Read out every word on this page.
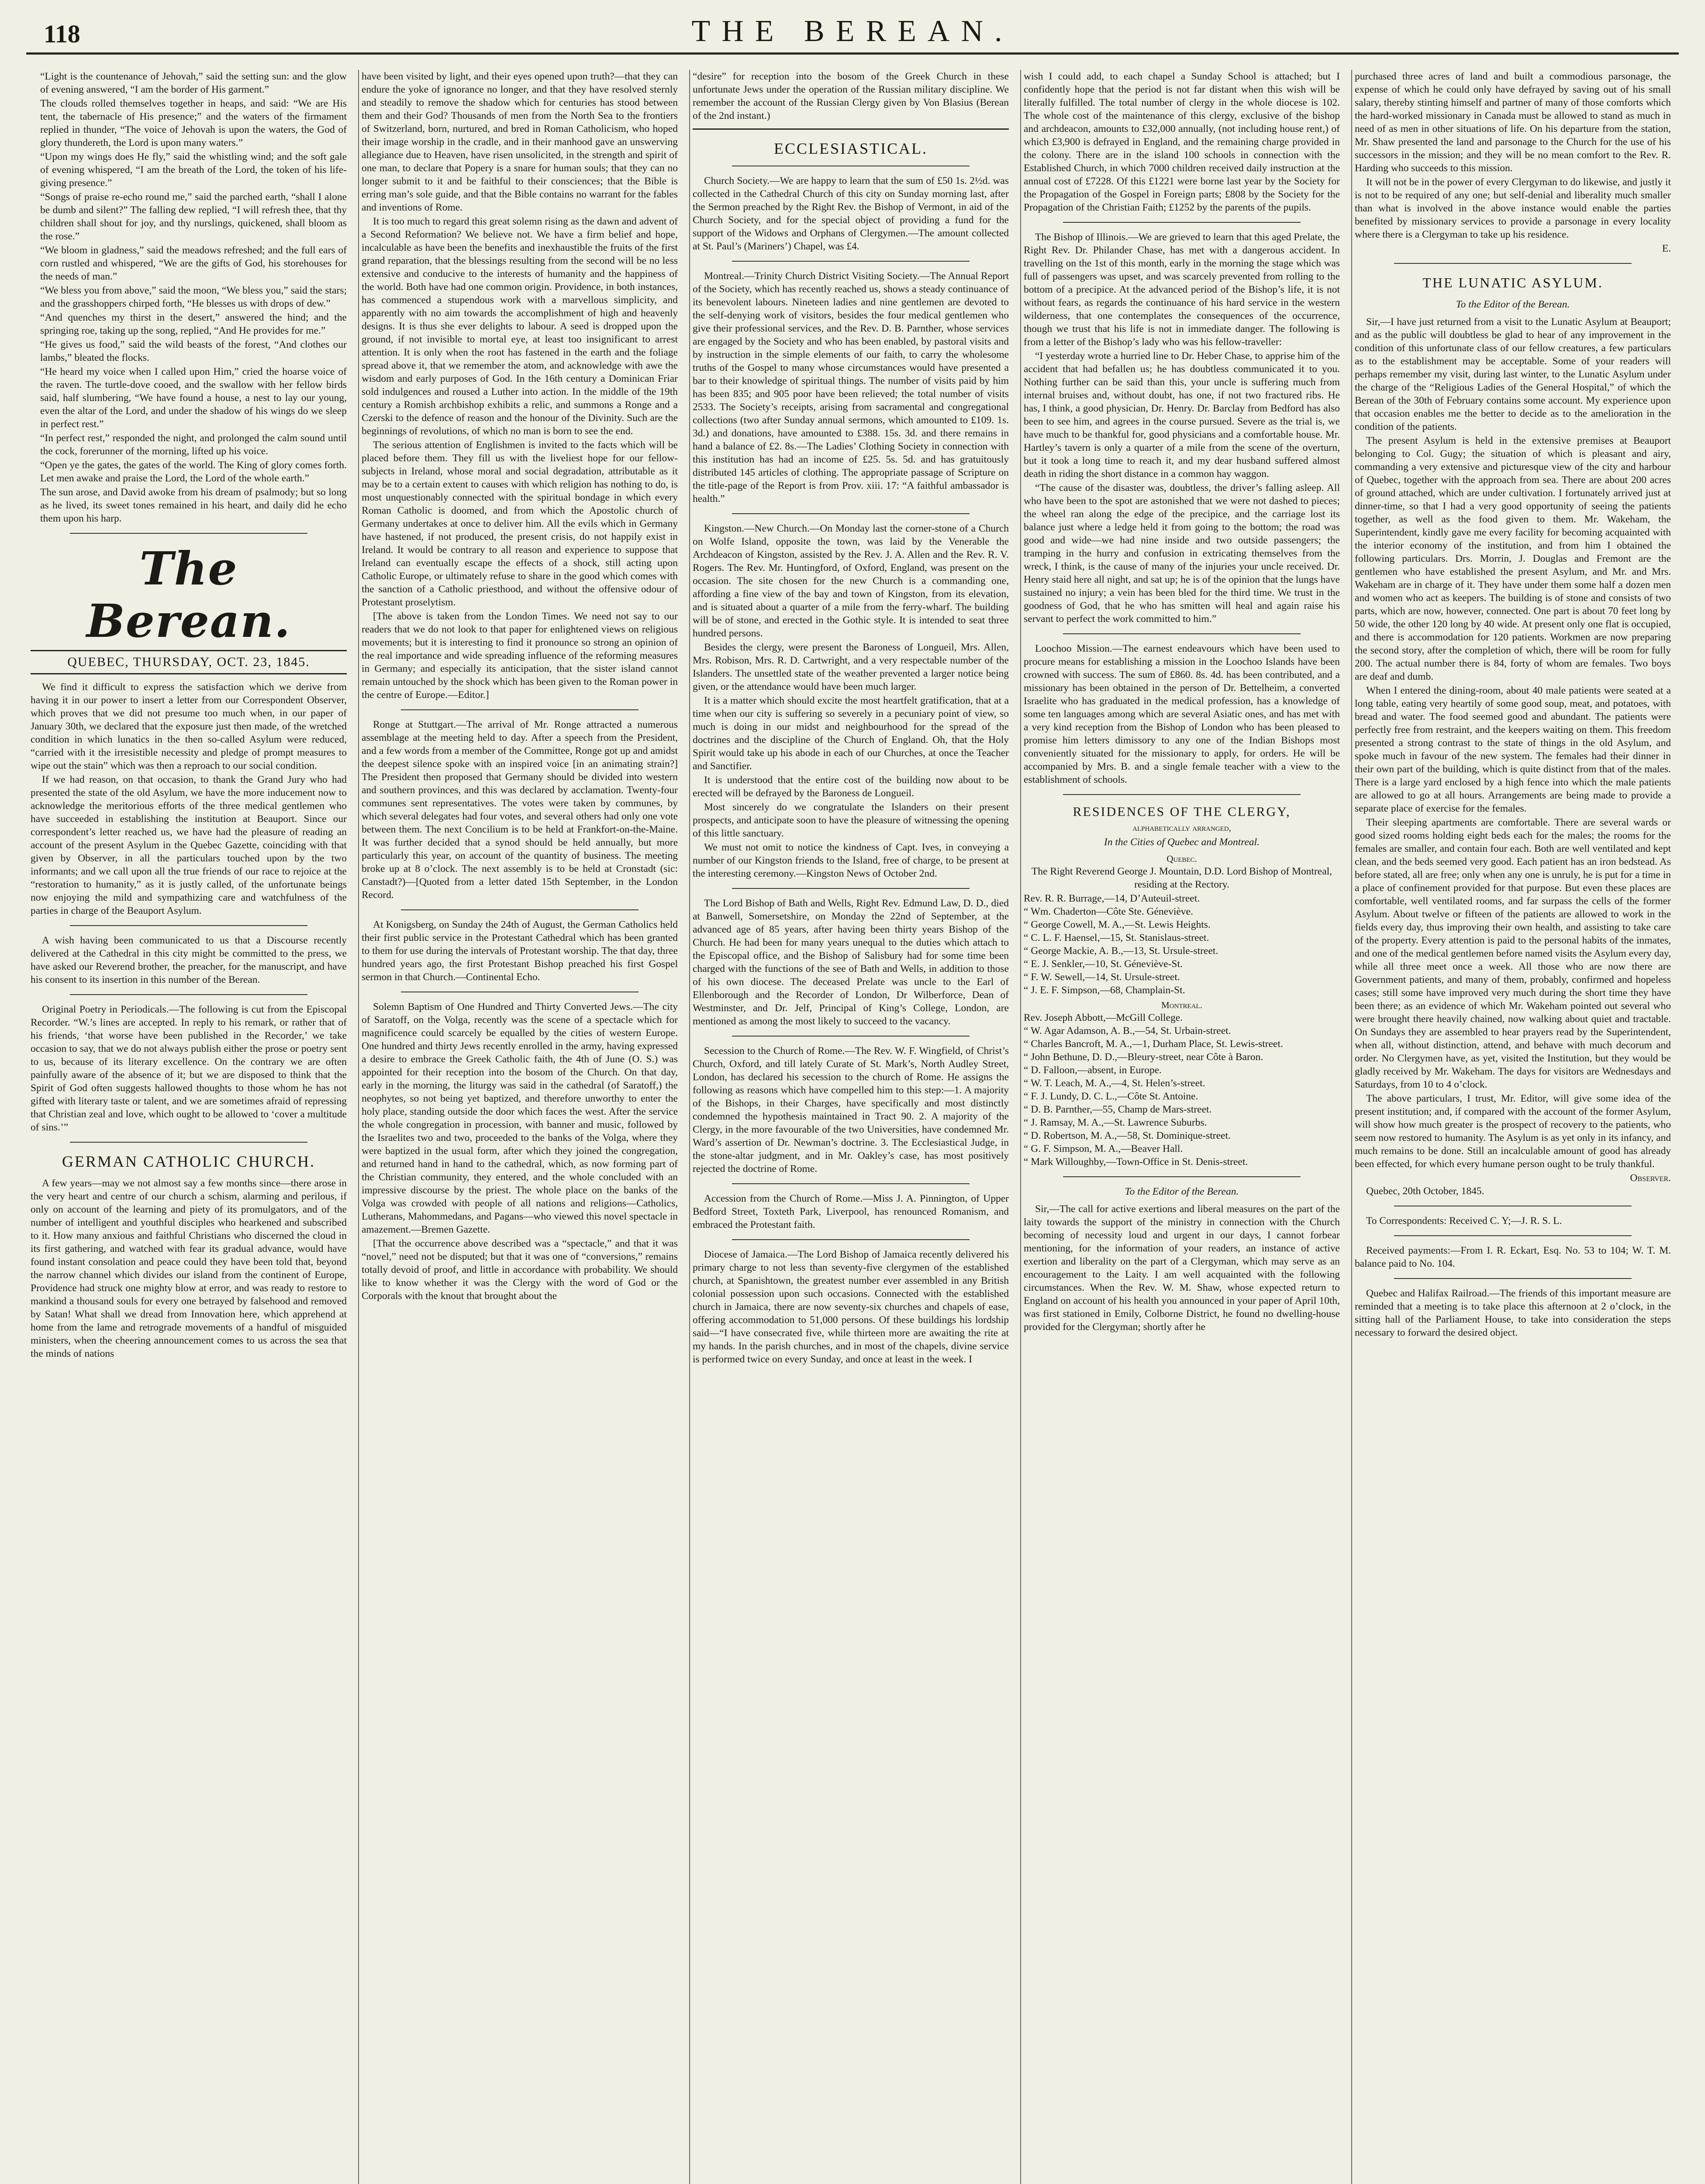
118	THE BEREAN.

“Light is the countenance of Jehovah,” said the setting sun: and the glow of evening answered, “I am the border of His garment.”

The clouds rolled themselves together in heaps, and said: “We are His tent, the tabernacle of His presence;” and the waters of the firmament replied in thunder, “The voice of Jehovah is upon the waters, the God of glory thundereth, the Lord is upon many waters.”

“Upon my wings does He fly,” said the whistling wind; and the soft gale of evening whispered, “I am the breath of the Lord, the token of his life-giving presence.”

“Songs of praise re-echo round me,” said the parched earth, “shall I alone be dumb and silent?” The falling dew replied, “I will refresh thee, that thy children shall shout for joy, and thy nurslings, quickened, shall bloom as the rose.”

“We bloom in gladness,” said the meadows refreshed; and the full ears of corn rustled and whispered, “We are the gifts of God, his storehouses for the needs of man.”

“We bless you from above,” said the moon, “We bless you,” said the stars; and the grasshoppers chirped forth, “He blesses us with drops of dew.”

“And quenches my thirst in the desert,” answered the hind; and the springing roe, taking up the song, replied, “And He provides for me.”

“He gives us food,” said the wild beasts of the forest, “And clothes our lambs,” bleated the flocks.

“He heard my voice when I called upon Him,” cried the hoarse voice of the raven. The turtle-dove cooed, and the swallow with her fellow birds said, half slumbering, “We have found a house, a nest to lay our young, even the altar of the Lord, and under the shadow of his wings do we sleep in perfect rest.”

“In perfect rest,” responded the night, and prolonged the calm sound until the cock, forerunner of the morning, lifted up his voice.

“Open ye the gates, the gates of the world. The King of glory comes forth. Let men awake and praise the Lord, the Lord of the whole earth.”

The sun arose, and David awoke from his dream of psalmody; but so long as he lived, its sweet tones remained in his heart, and daily did he echo them upon his harp.

The Berean.
QUEBEC, THURSDAY, OCT. 23, 1845.

We find it difficult to express the satisfaction which we derive from having it in our power to insert a letter from our Correspondent Observer, which proves that we did not presume too much when, in our paper of January 30th, we declared that the exposure just then made, of the wretched condition in which lunatics in the then so-called Asylum were reduced, “carried with it the irresistible necessity and pledge of prompt measures to wipe out the stain” which was then a reproach to our social condition.

If we had reason, on that occasion, to thank the Grand Jury who had presented the state of the old Asylum, we have the more inducement now to acknowledge the meritorious efforts of the three medical gentlemen who have succeeded in establishing the institution at Beauport. Since our correspondent’s letter reached us, we have had the pleasure of reading an account of the present Asylum in the Quebec Gazette, coinciding with that given by Observer, in all the particulars touched upon by the two informants; and we call upon all the true friends of our race to rejoice at the “restoration to humanity,” as it is justly called, of the unfortunate beings now enjoying the mild and sympathizing care and watchfulness of the parties in charge of the Beauport Asylum.

A wish having been communicated to us that a Discourse recently delivered at the Cathedral in this city might be committed to the press, we have asked our Reverend brother, the preacher, for the manuscript, and have his consent to its insertion in this number of the Berean.

Original Poetry in Periodicals.—The following is cut from the Episcopal Recorder. “W.’s lines are accepted. In reply to his remark, or rather that of his friends, ‘that worse have been published in the Recorder,’ we take occasion to say, that we do not always publish either the prose or poetry sent to us, because of its literary excellence. On the contrary we are often painfully aware of the absence of it; but we are disposed to think that the Spirit of God often suggests hallowed thoughts to those whom he has not gifted with literary taste or talent, and we are sometimes afraid of repressing that Christian zeal and love, which ought to be allowed to ‘cover a multitude of sins.’”

GERMAN CATHOLIC CHURCH.

A few years—may we not almost say a few months since—there arose in the very heart and centre of our church a schism, alarming and perilous, if only on account of the learning and piety of its promulgators, and of the number of intelligent and youthful disciples who hearkened and subscribed to it. How many anxious and faithful Christians who discerned the cloud in its first gathering, and watched with fear its gradual advance, would have found instant consolation and peace could they have been told that, beyond the narrow channel which divides our island from the continent of Europe, Providence had struck one mighty blow at error, and was ready to restore to mankind a thousand souls for every one betrayed by falsehood and removed by Satan! What shall we dread from Innovation here, which apprehend at home from the lame and retrograde movements of a handful of misguided ministers, when the cheering announcement comes to us across the sea that the minds of nations

have been visited by light, and their eyes opened upon truth?—that they can endure the yoke of ignorance no longer, and that they have resolved sternly and steadily to remove the shadow which for centuries has stood between them and their God? Thousands of men from the North Sea to the frontiers of Switzerland, born, nurtured, and bred in Roman Catholicism, who hoped their image worship in the cradle, and in their manhood gave an unswerving allegiance due to Heaven, have risen unsolicited, in the strength and spirit of one man, to declare that Popery is a snare for human souls; that they can no longer submit to it and be faithful to their consciences; that the Bible is erring man’s sole guide, and that the Bible contains no warrant for the fables and inventions of Rome.

It is too much to regard this great solemn rising as the dawn and advent of a Second Reformation? We believe not. We have a firm belief and hope, incalculable as have been the benefits and inexhaustible the fruits of the first grand reparation, that the blessings resulting from the second will be no less extensive and conducive to the interests of humanity and the happiness of the world. Both have had one common origin. Providence, in both instances, has commenced a stupendous work with a marvellous simplicity, and apparently with no aim towards the accomplishment of high and heavenly designs. It is thus she ever delights to labour. A seed is dropped upon the ground, if not invisible to mortal eye, at least too insignificant to arrest attention. It is only when the root has fastened in the earth and the foliage spread above it, that we remember the atom, and acknowledge with awe the wisdom and early purposes of God. In the 16th century a Dominican Friar sold indulgences and roused a Luther into action. In the middle of the 19th century a Romish archbishop exhibits a relic, and summons a Ronge and a Czerski to the defence of reason and the honour of the Divinity. Such are the beginnings of revolutions, of which no man is born to see the end.

The serious attention of Englishmen is invited to the facts which will be placed before them. They fill us with the liveliest hope for our fellow-subjects in Ireland, whose moral and social degradation, attributable as it may be to a certain extent to causes with which religion has nothing to do, is most unquestionably connected with the spiritual bondage in which every Roman Catholic is doomed, and from which the Apostolic church of Germany undertakes at once to deliver him. All the evils which in Germany have hastened, if not produced, the present crisis, do not happily exist in Ireland. It would be contrary to all reason and experience to suppose that Ireland can eventually escape the effects of a shock, still acting upon Catholic Europe, or ultimately refuse to share in the good which comes with the sanction of a Catholic priesthood, and without the offensive odour of Protestant proselytism.

[The above is taken from the London Times. We need not say to our readers that we do not look to that paper for enlightened views on religious movements; but it is interesting to find it pronounce so strong an opinion of the real importance and wide spreading influence of the reforming measures in Germany; and especially its anticipation, that the sister island cannot remain untouched by the shock which has been given to the Roman power in the centre of Europe.—Editor.]

Ronge at Stuttgart.—The arrival of Mr. Ronge attracted a numerous assemblage at the meeting held to day. After a speech from the President, and a few words from a member of the Committee, Ronge got up and amidst the deepest silence spoke with an inspired voice [in an animating strain?] The President then proposed that Germany should be divided into western and southern provinces, and this was declared by acclamation. Twenty-four communes sent representatives. The votes were taken by communes, by which several delegates had four votes, and several others had only one vote between them. The next Concilium is to be held at Frankfort-on-the-Maine. It was further decided that a synod should be held annually, but more particularly this year, on account of the quantity of business. The meeting broke up at 8 o’clock. The next assembly is to be held at Cronstadt (sic: Canstadt?)—[Quoted from a letter dated 15th September, in the London Record.

At Konigsberg, on Sunday the 24th of August, the German Catholics held their first public service in the Protestant Cathedral which has been granted to them for use during the intervals of Protestant worship. The that day, three hundred years ago, the first Protestant Bishop preached his first Gospel sermon in that Church.—Continental Echo.

Solemn Baptism of One Hundred and Thirty Converted Jews.—The city of Saratoff, on the Volga, recently was the scene of a spectacle which for magnificence could scarcely be equalled by the cities of western Europe. One hundred and thirty Jews recently enrolled in the army, having expressed a desire to embrace the Greek Catholic faith, the 4th of June (O. S.) was appointed for their reception into the bosom of the Church. On that day, early in the morning, the liturgy was said in the cathedral (of Saratoff,) the neophytes, so not being yet baptized, and therefore unworthy to enter the holy place, standing outside the door which faces the west. After the service the whole congregation in procession, with banner and music, followed by the Israelites two and two, proceeded to the banks of the Volga, where they were baptized in the usual form, after which they joined the congregation, and returned hand in hand to the cathedral, which, as now forming part of the Christian community, they entered, and the whole concluded with an impressive discourse by the priest. The whole place on the banks of the Volga was crowded with people of all nations and religions—Catholics, Lutherans, Mahommedans, and Pagans—who viewed this novel spectacle in amazement.—Bremen Gazette.

[That the occurrence above described was a “spectacle,” and that it was “novel,” need not be disputed; but that it was one of “conversions,” remains totally devoid of proof, and little in accordance with probability. We should like to know whether it was the Clergy with the word of God or the Corporals with the knout that brought about the

“desire” for reception into the bosom of the Greek Church in these unfortunate Jews under the operation of the Russian military discipline. We remember the account of the Russian Clergy given by Von Blasius (Berean of the 2nd instant.)

ECCLESIASTICAL.

Church Society.—We are happy to learn that the sum of £50 1s. 2½d. was collected in the Cathedral Church of this city on Sunday morning last, after the Sermon preached by the Right Rev. the Bishop of Vermont, in aid of the Church Society, and for the special object of providing a fund for the support of the Widows and Orphans of Clergymen.—The amount collected at St. Paul’s (Mariners’) Chapel, was £4.

Montreal.—Trinity Church District Visiting Society.—The Annual Report of the Society, which has recently reached us, shows a steady continuance of its benevolent labours. Nineteen ladies and nine gentlemen are devoted to the self-denying work of visitors, besides the four medical gentlemen who give their professional services, and the Rev. D. B. Parnther, whose services are engaged by the Society and who has been enabled, by pastoral visits and by instruction in the simple elements of our faith, to carry the wholesome truths of the Gospel to many whose circumstances would have presented a bar to their knowledge of spiritual things. The number of visits paid by him has been 835; and 905 poor have been relieved; the total number of visits 2533. The Society’s receipts, arising from sacramental and congregational collections (two after Sunday annual sermons, which amounted to £109. 1s. 3d.) and donations, have amounted to £388. 15s. 3d. and there remains in hand a balance of £2. 8s.—The Ladies’ Clothing Society in connection with this institution has had an income of £25. 5s. 5d. and has gratuitously distributed 145 articles of clothing. The appropriate passage of Scripture on the title-page of the Report is from Prov. xiii. 17: “A faithful ambassador is health.”

Kingston.—New Church.—On Monday last the corner-stone of a Church on Wolfe Island, opposite the town, was laid by the Venerable the Archdeacon of Kingston, assisted by the Rev. J. A. Allen and the Rev. R. V. Rogers. The Rev. Mr. Huntingford, of Oxford, England, was present on the occasion. The site chosen for the new Church is a commanding one, affording a fine view of the bay and town of Kingston, from its elevation, and is situated about a quarter of a mile from the ferry-wharf. The building will be of stone, and erected in the Gothic style. It is intended to seat three hundred persons.

Besides the clergy, were present the Baroness of Longueil, Mrs. Allen, Mrs. Robison, Mrs. R. D. Cartwright, and a very respectable number of the Islanders. The unsettled state of the weather prevented a larger notice being given, or the attendance would have been much larger.

It is a matter which should excite the most heartfelt gratification, that at a time when our city is suffering so severely in a pecuniary point of view, so much is doing in our midst and neighbourhood for the spread of the doctrines and the discipline of the Church of England. Oh, that the Holy Spirit would take up his abode in each of our Churches, at once the Teacher and Sanctifier.

It is understood that the entire cost of the building now about to be erected will be defrayed by the Baroness de Longueil.

Most sincerely do we congratulate the Islanders on their present prospects, and anticipate soon to have the pleasure of witnessing the opening of this little sanctuary.

We must not omit to notice the kindness of Capt. Ives, in conveying a number of our Kingston friends to the Island, free of charge, to be present at the interesting ceremony.—Kingston News of October 2nd.

The Lord Bishop of Bath and Wells, Right Rev. Edmund Law, D. D., died at Banwell, Somersetshire, on Monday the 22nd of September, at the advanced age of 85 years, after having been thirty years Bishop of the Church. He had been for many years unequal to the duties which attach to the Episcopal office, and the Bishop of Salisbury had for some time been charged with the functions of the see of Bath and Wells, in addition to those of his own diocese. The deceased Prelate was uncle to the Earl of Ellenborough and the Recorder of London, Dr Wilberforce, Dean of Westminster, and Dr. Jelf, Principal of King’s College, London, are mentioned as among the most likely to succeed to the vacancy.

Secession to the Church of Rome.—The Rev. W. F. Wingfield, of Christ’s Church, Oxford, and till lately Curate of St. Mark’s, North Audley Street, London, has declared his secession to the church of Rome. He assigns the following as reasons which have compelled him to this step:—1. A majority of the Bishops, in their Charges, have specifically and most distinctly condemned the hypothesis maintained in Tract 90. 2. A majority of the Clergy, in the more favourable of the two Universities, have condemned Mr. Ward’s assertion of Dr. Newman’s doctrine. 3. The Ecclesiastical Judge, in the stone-altar judgment, and in Mr. Oakley’s case, has most positively rejected the doctrine of Rome.

Accession from the Church of Rome.—Miss J. A. Pinnington, of Upper Bedford Street, Toxteth Park, Liverpool, has renounced Romanism, and embraced the Protestant faith.

Diocese of Jamaica.—The Lord Bishop of Jamaica recently delivered his primary charge to not less than seventy-five clergymen of the established church, at Spanishtown, the greatest number ever assembled in any British colonial possession upon such occasions. Connected with the established church in Jamaica, there are now seventy-six churches and chapels of ease, offering accommodation to 51,000 persons. Of these buildings his lordship said—“I have consecrated five, while thirteen more are awaiting the rite at my hands. In the parish churches, and in most of the chapels, divine service is performed twice on every Sunday, and once at least in the week. I

wish I could add, to each chapel a Sunday School is attached; but I confidently hope that the period is not far distant when this wish will be literally fulfilled. The total number of clergy in the whole diocese is 102. The whole cost of the maintenance of this clergy, exclusive of the bishop and archdeacon, amounts to £32,000 annually, (not including house rent,) of which £3,900 is defrayed in England, and the remaining charge provided in the colony. There are in the island 100 schools in connection with the Established Church, in which 7000 children received daily instruction at the annual cost of £7228. Of this £1221 were borne last year by the Society for the Propagation of the Gospel in Foreign parts; £808 by the Society for the Propagation of the Christian Faith; £1252 by the parents of the pupils.

The Bishop of Illinois.—We are grieved to learn that this aged Prelate, the Right Rev. Dr. Philander Chase, has met with a dangerous accident. In travelling on the 1st of this month, early in the morning the stage which was full of passengers was upset, and was scarcely prevented from rolling to the bottom of a precipice. At the advanced period of the Bishop’s life, it is not without fears, as regards the continuance of his hard service in the western wilderness, that one contemplates the consequences of the occurrence, though we trust that his life is not in immediate danger. The following is from a letter of the Bishop’s lady who was his fellow-traveller:

“I yesterday wrote a hurried line to Dr. Heber Chase, to apprise him of the accident that had befallen us; he has doubtless communicated it to you. Nothing further can be said than this, your uncle is suffering much from internal bruises and, without doubt, has one, if not two fractured ribs. He has, I think, a good physician, Dr. Henry. Dr. Barclay from Bedford has also been to see him, and agrees in the course pursued. Severe as the trial is, we have much to be thankful for, good physicians and a comfortable house. Mr. Hartley’s tavern is only a quarter of a mile from the scene of the overturn, but it took a long time to reach it, and my dear husband suffered almost death in riding the short distance in a common hay waggon.

“The cause of the disaster was, doubtless, the driver’s falling asleep. All who have been to the spot are astonished that we were not dashed to pieces; the wheel ran along the edge of the precipice, and the carriage lost its balance just where a ledge held it from going to the bottom; the road was good and wide—we had nine inside and two outside passengers; the tramping in the hurry and confusion in extricating themselves from the wreck, I think, is the cause of many of the injuries your uncle received. Dr. Henry staid here all night, and sat up; he is of the opinion that the lungs have sustained no injury; a vein has been bled for the third time. We trust in the goodness of God, that he who has smitten will heal and again raise his servant to perfect the work committed to him.”

Loochoo Mission.—The earnest endeavours which have been used to procure means for establishing a mission in the Loochoo Islands have been crowned with success. The sum of £860. 8s. 4d. has been contributed, and a missionary has been obtained in the person of Dr. Bettelheim, a converted Israelite who has graduated in the medical profession, has a knowledge of some ten languages among which are several Asiatic ones, and has met with a very kind reception from the Bishop of London who has been pleased to promise him letters dimissory to any one of the Indian Bishops most conveniently situated for the missionary to apply, for orders. He will be accompanied by Mrs. B. and a single female teacher with a view to the establishment of schools.

RESIDENCES OF THE CLERGY,
alphabetically arranged,
In the Cities of Quebec and Montreal.
Quebec.

The Right Reverend George J. Mountain, D.D. Lord Bishop of Montreal, residing at the Rectory.

Rev. R. R. Burrage,—14, D’Auteuil-street.
“ Wm. Chaderton—Côte Ste. Géneviève.
“ George Cowell, M. A.,—St. Lewis Heights.
“ C. L. F. Haensel,—15, St. Stanislaus-street.
“ George Mackie, A. B.,—13, St. Ursule-street.
“ E. J. Senkler,—10, St. Géneviève-St.
“ F. W. Sewell,—14, St. Ursule-street.
“ J. E. F. Simpson,—68, Champlain-St.
Montreal.
Rev. Joseph Abbott,—McGill College.
“ W. Agar Adamson, A. B.,—54, St. Urbain-street.
“ Charles Bancroft, M. A.,—1, Durham Place, St. Lewis-street.
“ John Bethune, D. D.,—Bleury-street, near Côte à Baron.
“ D. Falloon,—absent, in Europe.
“ W. T. Leach, M. A.,—4, St. Helen’s-street.
“ F. J. Lundy, D. C. L.,—Côte St. Antoine.
“ D. B. Parnther,—55, Champ de Mars-street.
“ J. Ramsay, M. A.,—St. Lawrence Suburbs.
“ D. Robertson, M. A.,—58, St. Dominique-street.
“ G. F. Simpson, M. A.,—Beaver Hall.
“ Mark Willoughby,—Town-Office in St. Denis-street.
To the Editor of the Berean.

Sir,—The call for active exertions and liberal measures on the part of the laity towards the support of the ministry in connection with the Church becoming of necessity loud and urgent in our days, I cannot forbear mentioning, for the information of your readers, an instance of active exertion and liberality on the part of a Clergyman, which may serve as an encouragement to the Laity. I am well acquainted with the following circumstances. When the Rev. W. M. Shaw, whose expected return to England on account of his health you announced in your paper of April 10th, was first stationed in Emily, Colborne District, he found no dwelling-house provided for the Clergyman; shortly after he

purchased three acres of land and built a commodious parsonage, the expense of which he could only have defrayed by saving out of his small salary, thereby stinting himself and partner of many of those comforts which the hard-worked missionary in Canada must be allowed to stand as much in need of as men in other situations of life. On his departure from the station, Mr. Shaw presented the land and parsonage to the Church for the use of his successors in the mission; and they will be no mean comfort to the Rev. R. Harding who succeeds to this mission.

It will not be in the power of every Clergyman to do likewise, and justly it is not to be required of any one; but self-denial and liberality much smaller than what is involved in the above instance would enable the parties benefited by missionary services to provide a parsonage in every locality where there is a Clergyman to take up his residence.

E.
THE LUNATIC ASYLUM.
To the Editor of the Berean.

Sir,—I have just returned from a visit to the Lunatic Asylum at Beauport; and as the public will doubtless be glad to hear of any improvement in the condition of this unfortunate class of our fellow creatures, a few particulars as to the establishment may be acceptable. Some of your readers will perhaps remember my visit, during last winter, to the Lunatic Asylum under the charge of the “Religious Ladies of the General Hospital,” of which the Berean of the 30th of February contains some account. My experience upon that occasion enables me the better to decide as to the amelioration in the condition of the patients.

The present Asylum is held in the extensive premises at Beauport belonging to Col. Gugy; the situation of which is pleasant and airy, commanding a very extensive and picturesque view of the city and harbour of Quebec, together with the approach from sea. There are about 200 acres of ground attached, which are under cultivation. I fortunately arrived just at dinner-time, so that I had a very good opportunity of seeing the patients together, as well as the food given to them. Mr. Wakeham, the Superintendent, kindly gave me every facility for becoming acquainted with the interior economy of the institution, and from him I obtained the following particulars. Drs. Morrin, J. Douglas and Fremont are the gentlemen who have established the present Asylum, and Mr. and Mrs. Wakeham are in charge of it. They have under them some half a dozen men and women who act as keepers. The building is of stone and consists of two parts, which are now, however, connected. One part is about 70 feet long by 50 wide, the other 120 long by 40 wide. At present only one flat is occupied, and there is accommodation for 120 patients. Workmen are now preparing the second story, after the completion of which, there will be room for fully 200. The actual number there is 84, forty of whom are females. Two boys are deaf and dumb.

When I entered the dining-room, about 40 male patients were seated at a long table, eating very heartily of some good soup, meat, and potatoes, with bread and water. The food seemed good and abundant. The patients were perfectly free from restraint, and the keepers waiting on them. This freedom presented a strong contrast to the state of things in the old Asylum, and spoke much in favour of the new system. The females had their dinner in their own part of the building, which is quite distinct from that of the males. There is a large yard enclosed by a high fence into which the male patients are allowed to go at all hours. Arrangements are being made to provide a separate place of exercise for the females.

Their sleeping apartments are comfortable. There are several wards or good sized rooms holding eight beds each for the males; the rooms for the females are smaller, and contain four each. Both are well ventilated and kept clean, and the beds seemed very good. Each patient has an iron bedstead. As before stated, all are free; only when any one is unruly, he is put for a time in a place of confinement provided for that purpose. But even these places are comfortable, well ventilated rooms, and far surpass the cells of the former Asylum. About twelve or fifteen of the patients are allowed to work in the fields every day, thus improving their own health, and assisting to take care of the property. Every attention is paid to the personal habits of the inmates, and one of the medical gentlemen before named visits the Asylum every day, while all three meet once a week. All those who are now there are Government patients, and many of them, probably, confirmed and hopeless cases; still some have improved very much during the short time they have been there; as an evidence of which Mr. Wakeham pointed out several who were brought there heavily chained, now walking about quiet and tractable. On Sundays they are assembled to hear prayers read by the Superintendent, when all, without distinction, attend, and behave with much decorum and order. No Clergymen have, as yet, visited the Institution, but they would be gladly received by Mr. Wakeham. The days for visitors are Wednesdays and Saturdays, from 10 to 4 o’clock.

The above particulars, I trust, Mr. Editor, will give some idea of the present institution; and, if compared with the account of the former Asylum, will show how much greater is the prospect of recovery to the patients, who seem now restored to humanity. The Asylum is as yet only in its infancy, and much remains to be done. Still an incalculable amount of good has already been effected, for which every humane person ought to be truly thankful.

Observer.

Quebec, 20th October, 1845.

To Correspondents: Received C. Y;—J. R. S. L.

Received payments:—From I. R. Eckart, Esq. No. 53 to 104; W. T. M. balance paid to No. 104.

Quebec and Halifax Railroad.—The friends of this important measure are reminded that a meeting is to take place this afternoon at 2 o’clock, in the sitting hall of the Parliament House, to take into consideration the steps necessary to forward the desired object.
